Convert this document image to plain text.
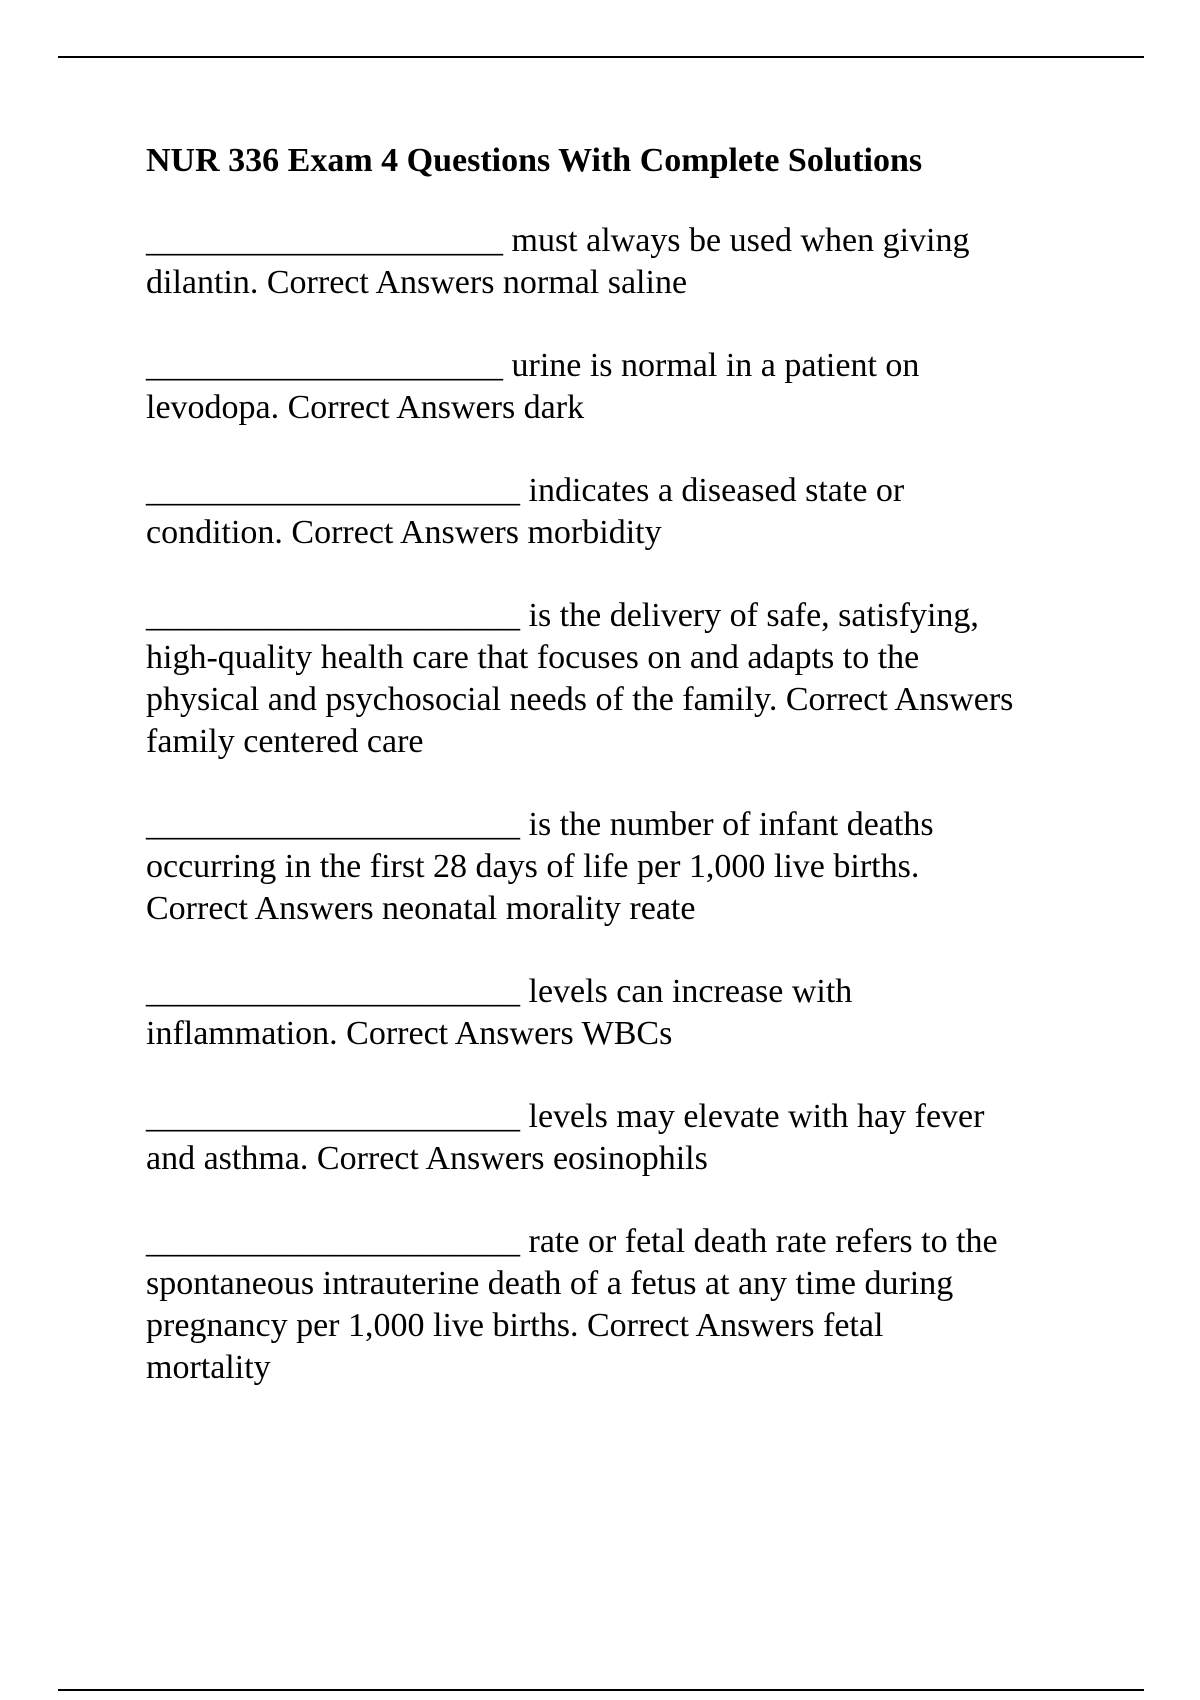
NUR 336 Exam 4 Questions With Complete Solutions
_____________________ must always be used when giving
dilantin. Correct Answers normal saline
_____________________ urine is normal in a patient on
levodopa. Correct Answers dark
______________________ indicates a diseased state or
condition. Correct Answers morbidity
______________________ is the delivery of safe, satisfying,
high-quality health care that focuses on and adapts to the
physical and psychosocial needs of the family. Correct Answers
family centered care
______________________ is the number of infant deaths
occurring in the first 28 days of life per 1,000 live births.
Correct Answers neonatal morality reate
______________________ levels can increase with
inflammation. Correct Answers WBCs
______________________ levels may elevate with hay fever
and asthma. Correct Answers eosinophils
______________________ rate or fetal death rate refers to the
spontaneous intrauterine death of a fetus at any time during
pregnancy per 1,000 live births. Correct Answers fetal
mortality
